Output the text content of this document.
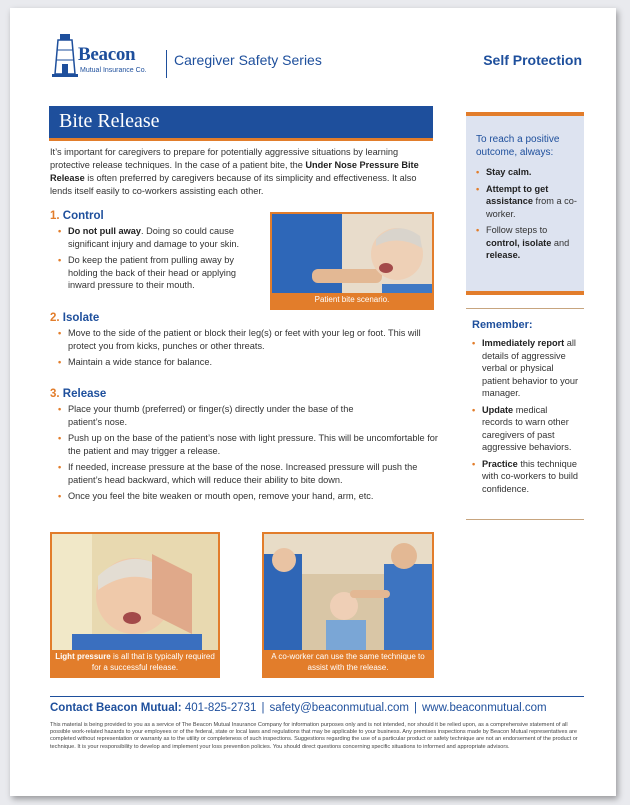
Beacon
Mutual Insurance Co.
Caregiver Safety Series	Self Protection
Bite Release
It’s important for caregivers to prepare for potentially aggressive situations by learning protective release techniques. In the case of a patient bite, the Under Nose Pressure Bite Release is often preferred by caregivers because of its simplicity and effectiveness. It also lends itself easily to co-workers assisting each other.
1. Control
• Do not pull away. Doing so could cause significant injury and damage to your skin.
• Do keep the patient from pulling away by holding the back of their head or applying inward pressure to their mouth.
Patient bite scenario.
2. Isolate
• Move to the side of the patient or block their leg(s) or feet with your leg or foot. This will protect you from kicks, punches or other threats.
• Maintain a wide stance for balance.
3. Release
• Place your thumb (preferred) or finger(s) directly under the base of the patient’s nose.
• Push up on the base of the patient’s nose with light pressure. This will be uncomfortable for the patient and may trigger a release.
• If needed, increase pressure at the base of the nose. Increased pressure will push the patient’s head backward, which will reduce their ability to bite down.
• Once you feel the bite weaken or mouth open, remove your hand, arm, etc.
Light pressure is all that is typically required for a successful release.
A co-worker can use the same technique to assist with the release.
To reach a positive outcome, always:
• Stay calm.
• Attempt to get assistance from a co-worker.
• Follow steps to control, isolate and release.
Remember:
• Immediately report all details of aggressive verbal or physical patient behavior to your manager.
• Update medical records to warn other caregivers of past aggressive behaviors.
• Practice this technique with co-workers to build confidence.
Contact Beacon Mutual: 401-825-2731 | safety@beaconmutual.com | www.beaconmutual.com
This material is being provided to you as a service of The Beacon Mutual Insurance Company for information purposes only and is not intended, nor should it be relied upon, as a comprehensive statement of all possible work-related hazards to your employees or of the federal, state or local laws and regulations that may be applicable to your business. Any premises inspections made by Beacon Mutual representatives are completed without representation or warranty as to the utility or completeness of such inspections. Suggestions regarding the use of a particular product or safety technique are not an endorsement of the product or technique. It is your responsibility to develop and implement your loss prevention policies. You should direct questions concerning specific situations to informed and appropriate advisors.
